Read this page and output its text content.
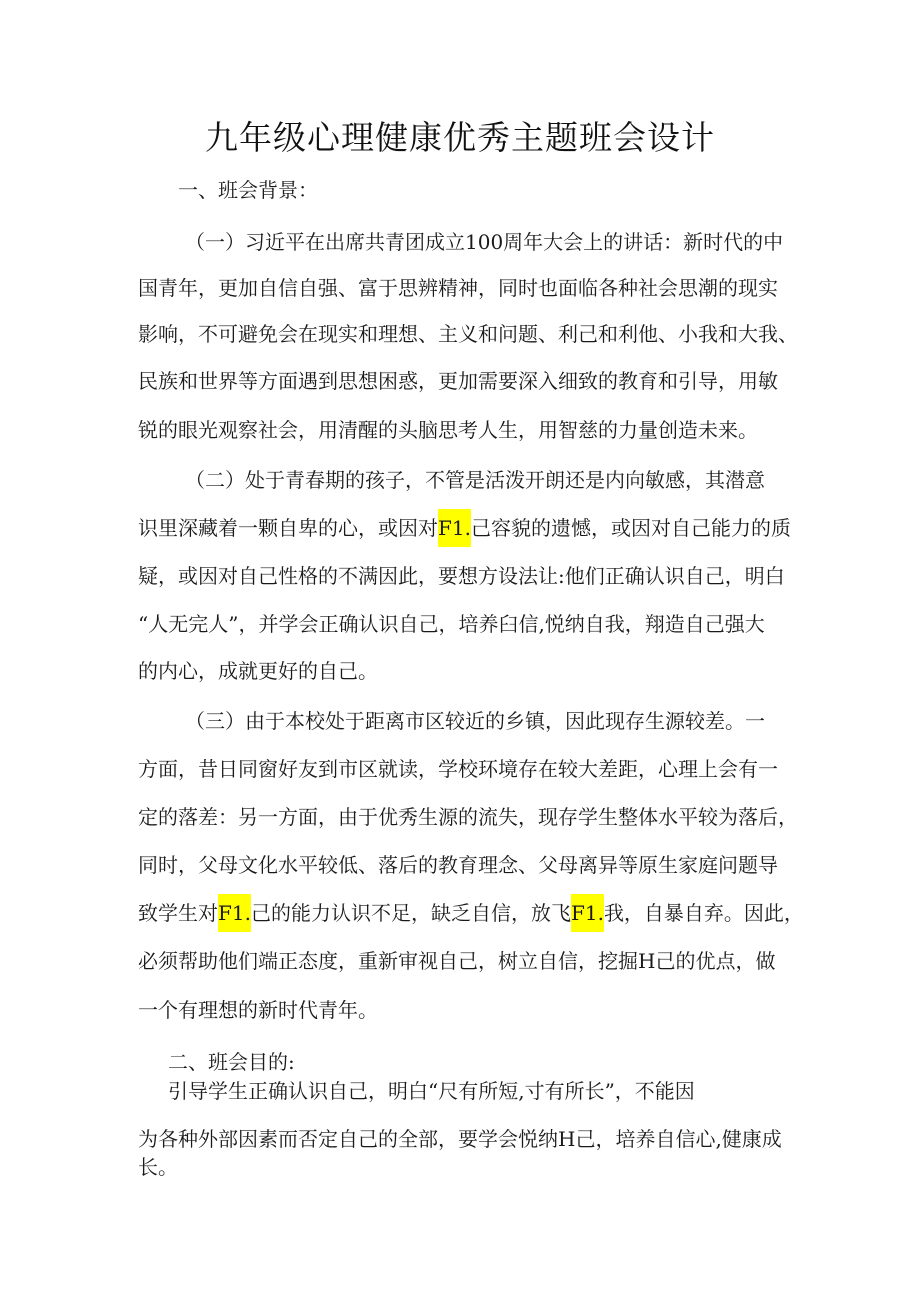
九年级心理健康优秀主题班会设计
一、班会背景：
（一）习近平在出席共青团成立100周年大会上的讲话：新时代的中
国青年，更加自信自强、富于思辨精神，同时也面临各种社会思潮的现实
影响，不可避免会在现实和理想、主义和问题、利己和利他、小我和大我、
民族和世界等方面遇到思想困惑，更加需要深入细致的教育和引导，用敏
锐的眼光观察社会，用清醒的头脑思考人生，用智慈的力量创造未来。
（二）处于青春期的孩子，不管是活泼开朗还是内向敏感，其潜意
识里深藏着一颗自卑的心，或因对F1.己容貌的遗憾，或因对自己能力的质
疑，或因对自己性格的不满因此，要想方设法让:他们正确认识自己，明白
“人无完人”，并学会正确认识自己，培养臼信,悦纳自我，翔造自己强大
的内心，成就更好的自己。
（三）由于本校处于距离市区较近的乡镇，因此现存生源较差。一
方面，昔日同窗好友到市区就读，学校环境存在较大差距，心理上会有一
定的落差：另一方面，由于优秀生源的流失，现存学生整体水平较为落后，
同时，父母文化水平较低、落后的教育理念、父母离异等原生家庭问题导
致学生对F1.己的能力认识不足，缺乏自信，放飞F1.我，自暴自弃。因此，
必须帮助他们端正态度，重新审视自己，树立自信，挖掘H己的优点，做
一个有理想的新时代青年。
二、班会目的:
引导学生正确认识自己，明白“尺有所短,寸有所长”，不能因
为各种外部因素而否定自己的全部，要学会悦纳H己，培养自信心,健康成
长。
